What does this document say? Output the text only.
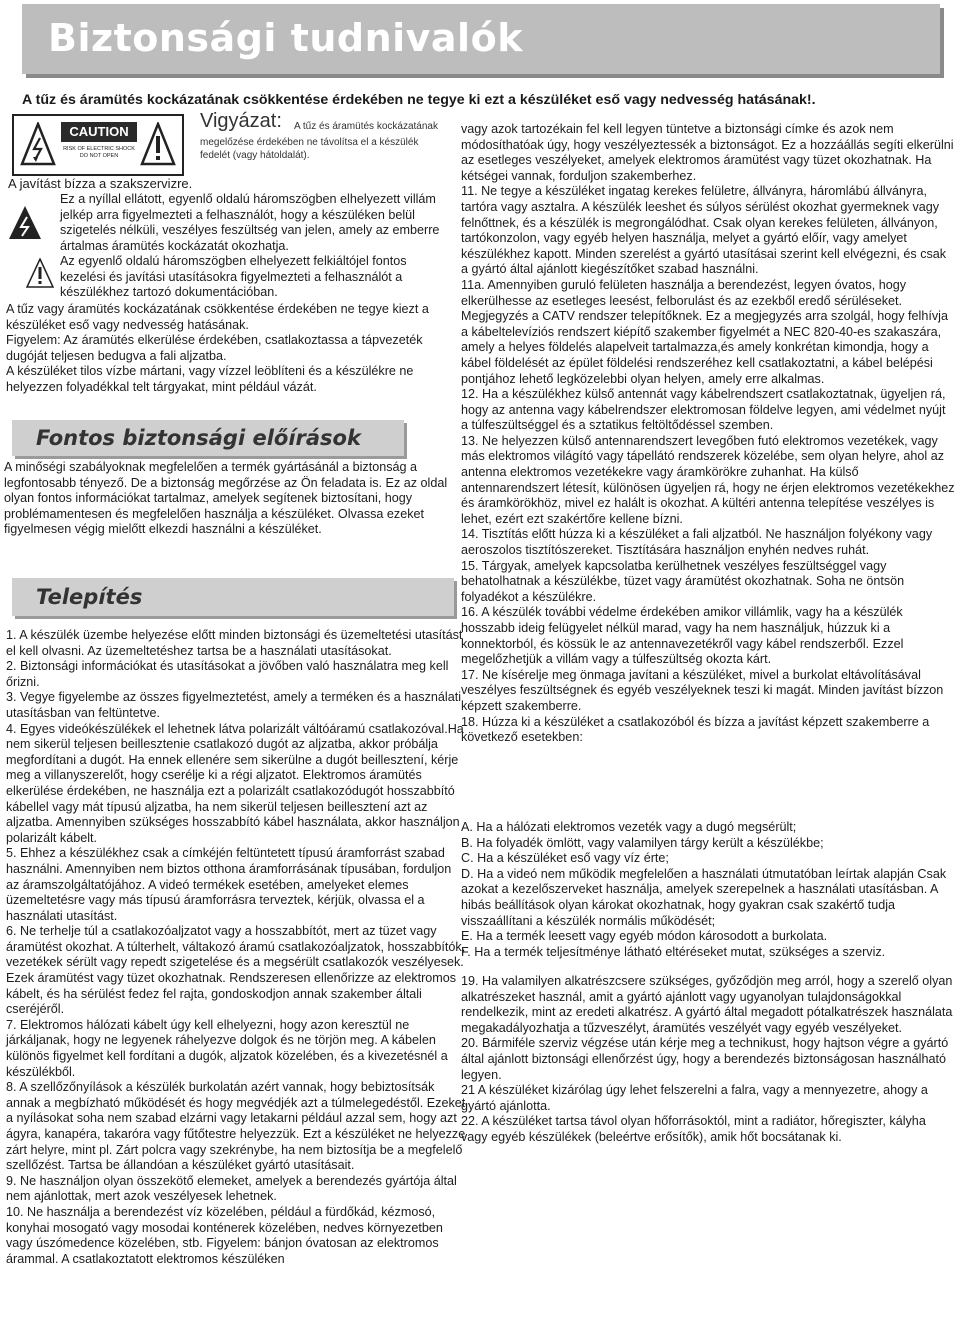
Biztonsági tudnivalók
A tűz és áramütés kockázatának csökkentése érdekében ne tegye ki ezt a készüléket eső vagy nedvesség hatásának!.
CAUTION
RISK OF ELECTRIC SHOCK
DO NOT OPEN
Vigyázat: A tűz és áramütés kockázatának
megelőzése érdekében ne távolítsa el a készülék
fedelét (vagy hátoldalát).
A javítást bízza a szakszervizre.
Ez a nyíllal ellátott, egyenlő oldalú háromszögben elhelyezett villám jelkép arra figyelmezteti a felhasználót, hogy a készüléken belül szigetelés nélküli, veszélyes feszültség van jelen, amely az emberre ártalmas áramütés kockázatát okozhatja.
Az egyenlő oldalú háromszögben elhelyezett felkiáltójel fontos kezelési és javítási utasításokra figyelmezteti a felhasználót a készülékhez tartozó dokumentációban.
A tűz vagy áramütés kockázatának csökkentése érdekében ne tegye kiezt a készüléket eső vagy nedvesség hatásának.
Figyelem: Az áramütés elkerülése érdekében, csatlakoztassa a tápvezeték dugóját teljesen bedugva a fali aljzatba.
A készüléket tilos vízbe mártani, vagy vízzel leöblíteni és a készülékre ne helyezzen folyadékkal telt tárgyakat, mint például vázát.
Fontos biztonsági előírások
A minőségi szabályoknak megfelelően a termék gyártásánál a biztonság a legfontosabb tényező. De a biztonság megőrzése az Ön feladata is. Ez az oldal olyan fontos információkat tartalmaz, amelyek segítenek biztosítani, hogy problémamentesen és megfelelően használja a készüléket. Olvassa ezeket figyelmesen végig mielőtt elkezdi használni a készüléket.
Telepítés

1. A készülék üzembe helyezése előtt minden biztonsági és üzemeltetési utasítást el kell olvasni. Az üzemeltetéshez tartsa be a használati utasításokat.

2. Biztonsági információkat és utasításokat a jövőben való használatra meg kell őrizni.

3. Vegye figyelembe az összes figyelmeztetést, amely a terméken és a használati utasításban van feltüntetve.

4. Egyes videókészülékek el lehetnek látva polarizált váltóáramú csatlakozóval.Ha nem sikerül teljesen beillesztenie csatlakozó dugót az aljzatba, akkor próbálja megfordítani a dugót. Ha ennek ellenére sem sikerülne a dugót beillesztení, kérje meg a villanyszerelőt, hogy cserélje ki a régi aljzatot. Elektromos áramütés elkerülése érdekében, ne használja ezt a polarizált csatlakozódugót hosszabbító kábellel vagy mát típusú aljzatba, ha nem sikerül teljesen beillesztení azt az aljzatba. Amennyiben szükséges hosszabbító kábel használata, akkor használjon polarizált kábelt.

5. Ehhez a készülékhez csak a címkéjén feltüntetett típusú áramforrást szabad használni. Amennyiben nem biztos otthona áramforrásának típusában, forduljon az áramszolgáltatójához. A videó termékek esetében, amelyeket elemes üzemeltetésre vagy más típusú áramforrásra terveztek, kérjük, olvassa el a használati utasítást.

6. Ne terhelje túl a csatlakozóaljzatot vagy a hosszabbítót, mert az tüzet vagy áramütést okozhat. A túlterhelt, váltakozó áramú csatlakozóaljzatok, hosszabbítók, vezetékek sérült vagy repedt szigetelése és a megsérült csatlakozók veszélyesek. Ezek áramütést vagy tüzet okozhatnak. Rendszeresen ellenőrizze az elektromos kábelt, és ha sérülést fedez fel rajta, gondoskodjon annak szakember általi cseréjéről.

7. Elektromos hálózati kábelt úgy kell elhelyezni, hogy azon keresztül ne járkáljanak, hogy ne legyenek ráhelyezve dolgok és ne törjön meg. A kábelen különös figyelmet kell fordítani a dugók, aljzatok közelében, és a kivezetésnél a készülékből.

8. A szellőzőnyílások a készülék burkolatán azért vannak, hogy bebiztosítsák annak a megbízható működését és hogy megvédjék azt a túlmelegedéstől. Ezeket a nyílásokat soha nem szabad elzárni vagy letakarni például azzal sem, hogy azt ágyra, kanapéra, takaróra vagy fűtőtestre helyezzük. Ezt a készüléket ne helyezze zárt helyre, mint pl. Zárt polcra vagy szekrénybe, ha nem biztosítja be a megfelelő szellőzést. Tartsa be állandóan a készüléket gyártó utasításait.

9. Ne használjon olyan összekötő elemeket, amelyek a berendezés gyártója által nem ajánlottak, mert azok veszélyesek lehetnek.

10. Ne használja a berendezést víz közelében, például a fürdőkád, kézmosó, konyhai mosogató vagy mosodai konténerek közelében, nedves környezetben vagy úszómedence közelében, stb. Figyelem: bánjon óvatosan az elektromos árammal. A csatlakoztatott elektromos készüléken

vagy azok tartozékain fel kell legyen tüntetve a biztonsági címke és azok nem módosíthatóak úgy, hogy veszélyeztessék a biztonságot. Ez a hozzáállás segíti elkerülni az esetleges veszélyeket, amelyek elektromos áramütést vagy tüzet okozhatnak. Ha kétségei vannak, forduljon szakemberhez.

11. Ne tegye a készüléket ingatag kerekes felületre, állványra, háromlábú állványra, tartóra vagy asztalra. A készülék leeshet és súlyos sérülést okozhat gyermeknek vagy felnőttnek, és a készülék is megrongálódhat. Csak olyan kerekes felületen, állványon, tartókonzolon, vagy egyéb helyen használja, melyet a gyártó előír, vagy amelyet készülékhez kapott. Minden szerelést a gyártó utasításai szerint kell elvégezni, és csak a gyártó által ajánlott kiegészítőket szabad használni.

11a. Amennyiben guruló felületen használja a berendezést, legyen óvatos, hogy elkerülhesse az esetleges leesést, felborulást és az ezekből eredő sérüléseket. Megjegyzés a CATV rendszer telepítőknek. Ez a megjegyzés arra szolgál, hogy felhívja a kábeltelevíziós rendszert kiépítő szakember figyelmét a NEC 820-40-es szakaszára, amely a helyes földelés alapelveit tartalmazza,és amely konkrétan kimondja, hogy a kábel földelését az épület földelési rendszeréhez kell csatlakoztatni, a kábel belépési pontjához lehető legközelebbi olyan helyen, amely erre alkalmas.

12. Ha a készülékhez külső antennát vagy kábelrendszert csatlakoztatnak, ügyeljen rá, hogy az antenna vagy kábelrendszer elektromosan földelve legyen, ami védelmet nyújt a túlfeszültséggel és a sztatikus feltöltődéssel szemben.

13. Ne helyezzen külső antennarendszert levegőben futó elektromos vezetékek, vagy más elektromos világító vagy tápellátó rendszerek közelébe, sem olyan helyre, ahol az antenna elektromos vezetékekre vagy áramkörökre zuhanhat. Ha külső antennarendszert létesít, különösen ügyeljen rá, hogy ne érjen elektromos vezetékekhez és áramkörökhöz, mivel ez halált is okozhat. A kültéri antenna telepítése veszélyes is lehet, ezért ezt szakértőre kellene bízni.

14. Tisztítás előtt húzza ki a készüléket a fali aljzatból. Ne használjon folyékony vagy aeroszolos tisztítószereket. Tisztítására használjon enyhén nedves ruhát.

15. Tárgyak, amelyek kapcsolatba kerülhetnek veszélyes feszültséggel vagy behatolhatnak a készülékbe, tüzet vagy áramütést okozhatnak. Soha ne öntsön folyadékot a készülékre.

16. A készülék további védelme érdekében amikor villámlik, vagy ha a készülék hosszabb ideig felügyelet nélkül marad, vagy ha nem használjuk, húzzuk ki a konnektorból, és kössük le az antennavezetékről vagy kábel rendszerből. Ezzel megelőzhetjük a villám vagy a túlfeszültség okozta kárt.

17. Ne kísérelje meg önmaga javítani a készüléket, mivel a burkolat eltávolításával veszélyes feszültségnek és egyéb veszélyeknek teszi ki magát. Minden javítást bízzon képzett szakemberre.

18. Húzza ki a készüléket a csatlakozóból és bízza a javítást képzett szakemberre a következő esetekben:

A. Ha a hálózati elektromos vezeték vagy a dugó megsérült;

B. Ha folyadék ömlött, vagy valamilyen tárgy került a készülékbe;

C. Ha a készüléket eső vagy víz érte;

D. Ha a videó nem működik megfelelően a használati útmutatóban leírtak alapján Csak azokat a kezelőszerveket használja, amelyek szerepelnek a használati utasításban. A hibás beállítások olyan károkat okozhatnak, hogy gyakran csak szakértő tudja visszaállítani a készülék normális működését;

E. Ha a termék leesett vagy egyéb módon károsodott a burkolata.

F. Ha a termék teljesítménye látható eltéréseket mutat, szükséges a szerviz.

19. Ha valamilyen alkatrészcsere szükséges, győződjön meg arról, hogy a szerelő olyan alkatrészeket használ, amit a gyártó ajánlott vagy ugyanolyan tulajdonságokkal rendelkezik, mint az eredeti alkatrész. A gyártó által megadott pótalkatrészek használata megakadályozhatja a tűzveszélyt, áramütés veszélyét vagy egyéb veszélyeket.

20. Bármiféle szerviz végzése után kérje meg a technikust, hogy hajtson végre a gyártó által ajánlott biztonsági ellenőrzést úgy, hogy a berendezés biztonságosan használható legyen.

21 A készüléket kizárólag úgy lehet felszerelni a falra, vagy a mennyezetre, ahogy a gyártó ajánlotta.

22. A készüléket tartsa távol olyan hőforrásoktól, mint a radiátor, hőregiszter, kályha vagy egyéb készülékek (beleértve erősítők), amik hőt bocsátanak ki.
